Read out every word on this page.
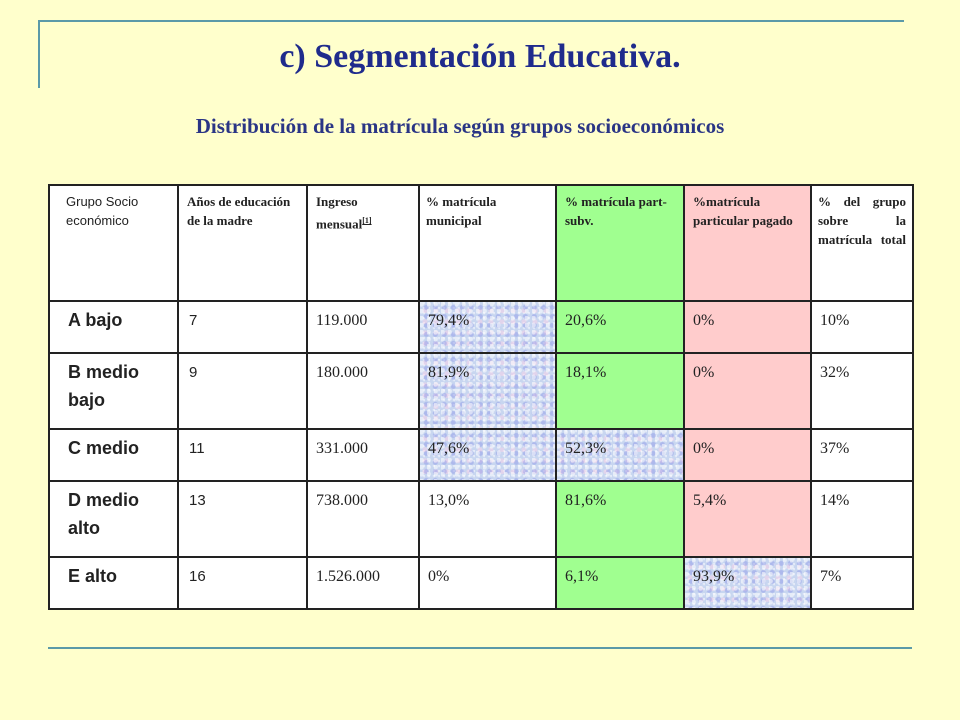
c) Segmentación Educativa.
Distribución de la matrícula según grupos socioeconómicos
Grupo Socio económico	Años de educación de la madre	Ingreso mensual[1]	% matrícula municipal	% matrícula part-subv.	%matrícula particular pagado	% del grupo sobre la matrícula total
A bajo	7	119.000	79,4%	20,6%	0%	10%
B medio bajo	9	180.000	81,9%	18,1%	0%	32%
C medio	11	331.000	47,6%	52,3%	0%	37%
D medio alto	13	738.000	13,0%	81,6%	5,4%	14%
E alto	16	1.526.000	0%	6,1%	93,9%	7%
